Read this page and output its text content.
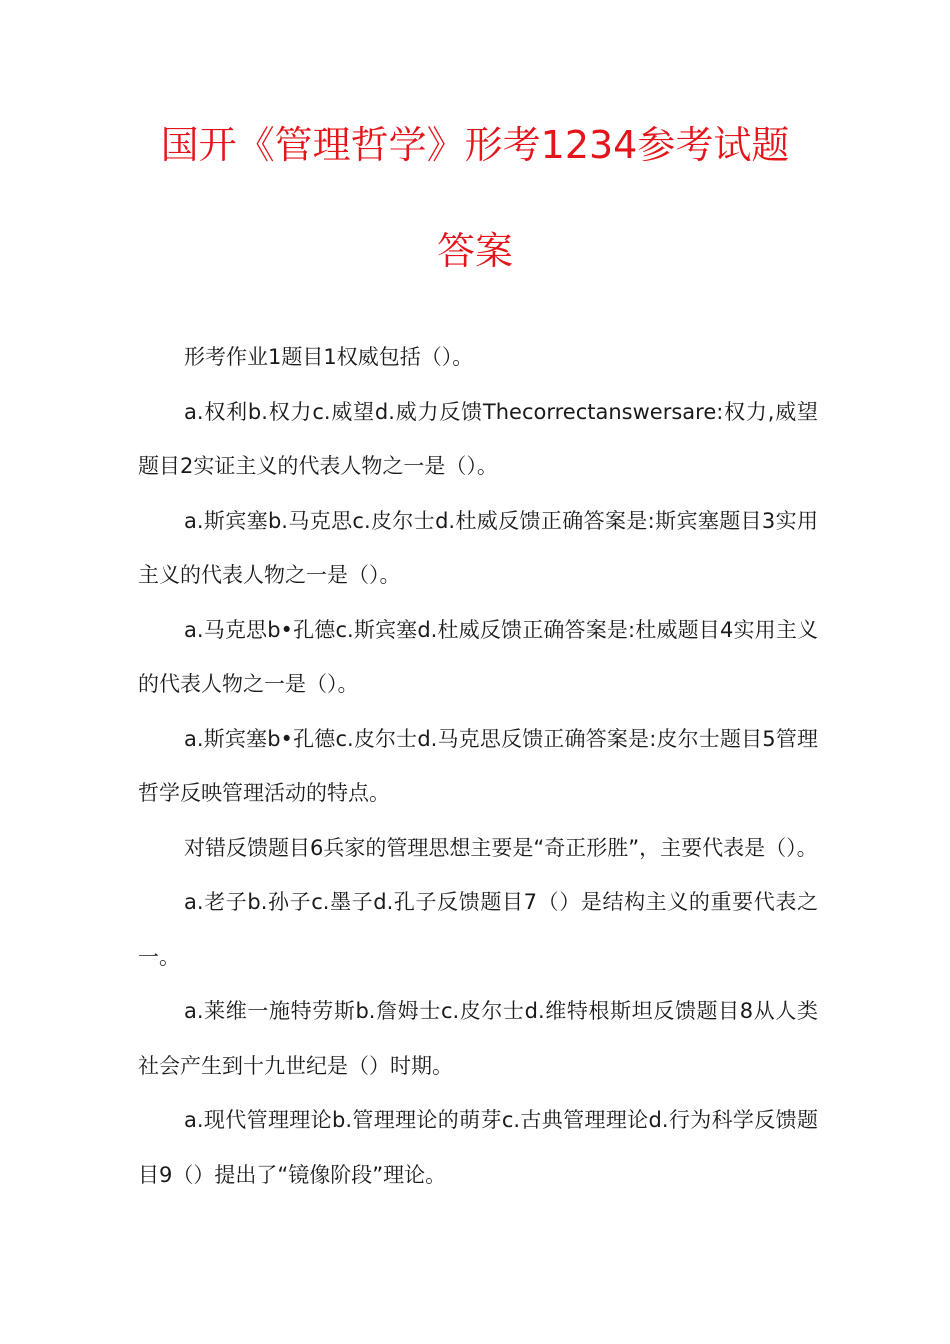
国开《管理哲学》形考1234参考试题
答案

形考作业1题目1权威包括（）。

a.权利b.权力c.威望d.威力反馈Thecorrectanswersare:权力,威望题目2实证主义的代表人物之一是（）。

a.斯宾塞b.马克思c.皮尔士d.杜威反馈正确答案是:斯宾塞题目3实用主义的代表人物之一是（）。

a.马克思b•孔德c.斯宾塞d.杜威反馈正确答案是:杜威题目4实用主义的代表人物之一是（）。

a.斯宾塞b•孔德c.皮尔士d.马克思反馈正确答案是:皮尔士题目5管理哲学反映管理活动的特点。

对错反馈题目6兵家的管理思想主要是“奇正形胜”，主要代表是（）。

a.老子b.孙子c.墨子d.孔子反馈题目7（）是结构主义的重要代表之一。

a.莱维一施特劳斯b.詹姆士c.皮尔士d.维特根斯坦反馈题目8从人类社会产生到十九世纪是（）时期。

a.现代管理理论b.管理理论的萌芽c.古典管理理论d.行为科学反馈题目9（）提出了“镜像阶段”理论。
